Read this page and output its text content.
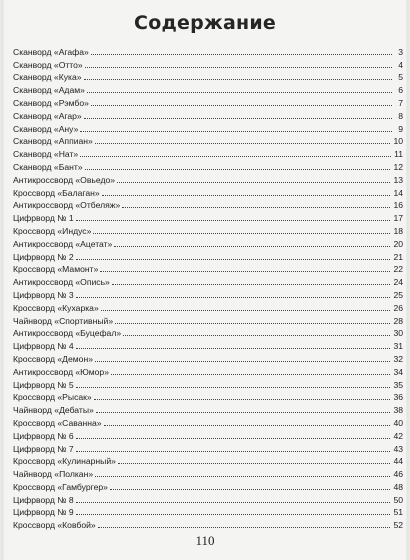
Содержание
Сканворд «Агафа»	3
Сканворд «Отто»	4
Сканворд «Кука»	5
Сканворд «Адам»	6
Сканворд «Рэмбо»	7
Сканворд «Агар»	8
Сканворд «Ану»	9
Сканворд «Аппиан»	10
Сканворд «Нат»	11
Сканворд «Бант»	12
Антикроссворд «Овьедо»	13
Кроссворд «Балаган»	14
Антикроссворд «Отбеляж»	16
Цифрворд № 1	17
Кроссворд «Индус»	18
Антикроссворд «Ацетат»	20
Цифрворд № 2	21
Кроссворд «Мамонт»	22
Антикроссворд «Опись»	24
Цифрворд № 3	25
Кроссворд «Кухарка»	26
Чайнворд «Спортивный»	28
Антикроссворд «Буцефал»	30
Цифрворд № 4	31
Кроссворд «Демон»	32
Антикроссворд «Юмор»	34
Цифрворд № 5	35
Кроссворд «Рысак»	36
Чайнворд «Дебаты»	38
Кроссворд «Саванна»	40
Цифрворд № 6	42
Цифрворд № 7	43
Кроссворд «Кулинарный»	44
Чайнворд «Полкан»	46
Кроссворд «Гамбургер»	48
Цифрворд № 8	50
Цифрворд № 9	51
Кроссворд «Ковбой»	52
110
